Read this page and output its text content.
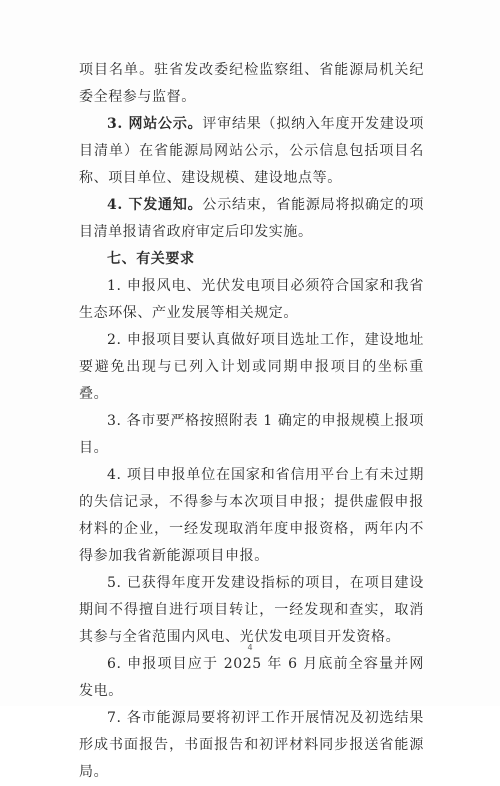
项目名单。驻省发改委纪检监察组、省能源局机关纪委全程参与监督。

3. 网站公示。评审结果（拟纳入年度开发建设项目清单）在省能源局网站公示，公示信息包括项目名称、项目单位、建设规模、建设地点等。

4. 下发通知。公示结束，省能源局将拟确定的项目清单报请省政府审定后印发实施。

七、有关要求

1. 申报风电、光伏发电项目必须符合国家和我省生态环保、产业发展等相关规定。

2. 申报项目要认真做好项目选址工作，建设地址要避免出现与已列入计划或同期申报项目的坐标重叠。

3. 各市要严格按照附表 1 确定的申报规模上报项目。

4. 项目申报单位在国家和省信用平台上有未过期的失信记录，不得参与本次项目申报；提供虚假申报材料的企业，一经发现取消年度申报资格，两年内不得参加我省新能源项目申报。

5. 已获得年度开发建设指标的项目，在项目建设期间不得擅自进行项目转让，一经发现和查实，取消其参与全省范围内风电、光伏发电项目开发资格。

6. 申报项目应于 2025 年 6 月底前全容量并网发电。

7. 各市能源局要将初评工作开展情况及初选结果形成书面报告，书面报告和初评材料同步报送省能源局。

4
